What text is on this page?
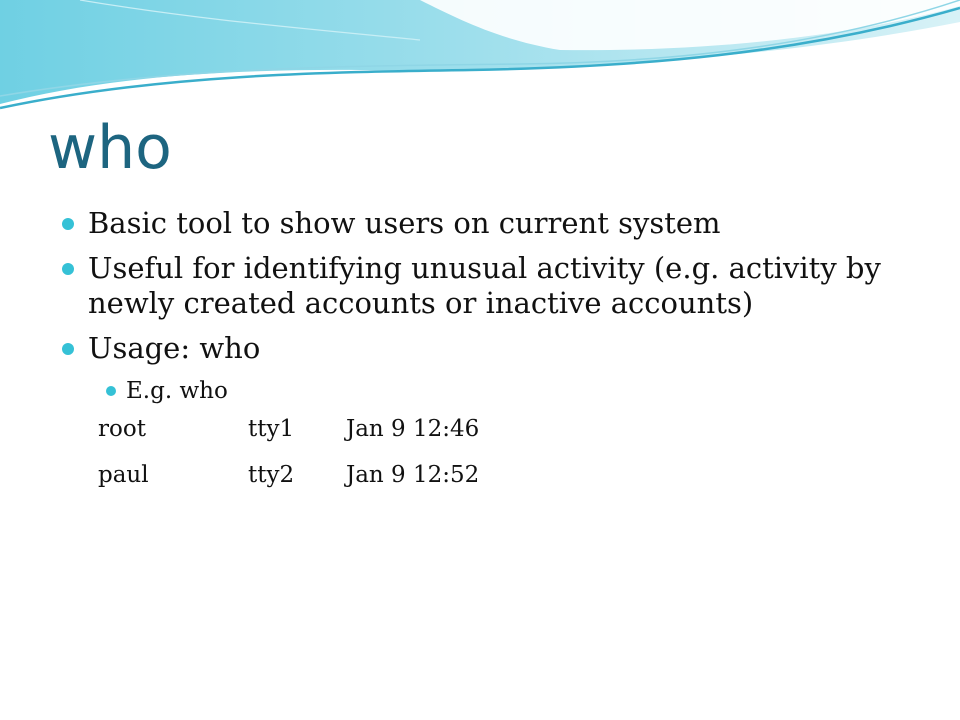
who
Basic tool to show users on current system
Useful for identifying unusual activity (e.g. activity by newly created accounts or inactive accounts)
Usage: who
E.g. who
root	tty1	Jan 9 12:46
paul	tty2	Jan 9 12:52
